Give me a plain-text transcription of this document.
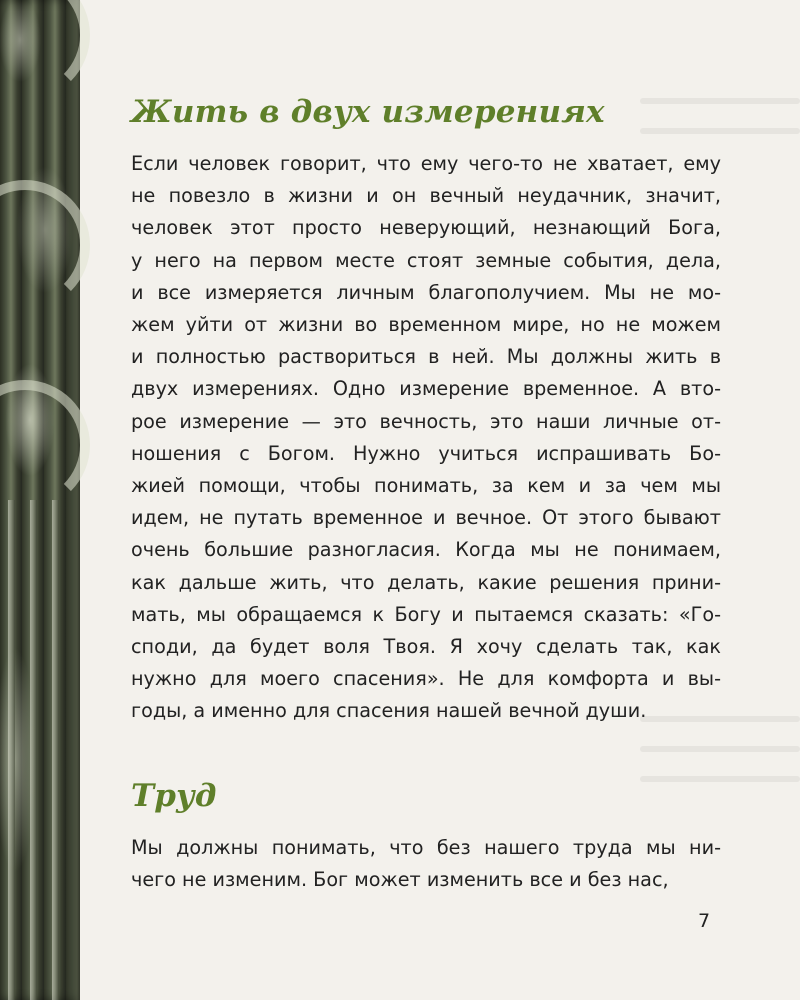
Жить в двух измерениях

Если человек говорит, что ему чего-то не хватает, ему
не повезло в жизни и он вечный неудачник, значит,
человек этот просто неверующий, незнающий Бога,
у него на первом месте стоят земные события, дела,
и все измеряется личным благополучием. Мы не мо-
жем уйти от жизни во временном мире, но не можем
и полностью раствориться в ней. Мы должны жить в
двух измерениях. Одно измерение временное. А вто-
рое измерение — это вечность, это наши личные от-
ношения с Богом. Нужно учиться испрашивать Бо-
жией помощи, чтобы понимать, за кем и за чем мы
идем, не путать временное и вечное. От этого бывают
очень большие разногласия. Когда мы не понимаем,
как дальше жить, что делать, какие решения прини-
мать, мы обращаемся к Богу и пытаемся сказать: «Го-
споди, да будет воля Твоя. Я хочу сделать так, как
нужно для моего спасения». Не для комфорта и вы-
годы, а именно для спасения нашей вечной души.

Труд

Мы должны понимать, что без нашего труда мы ни-
чего не изменим. Бог может изменить все и без нас,

7
